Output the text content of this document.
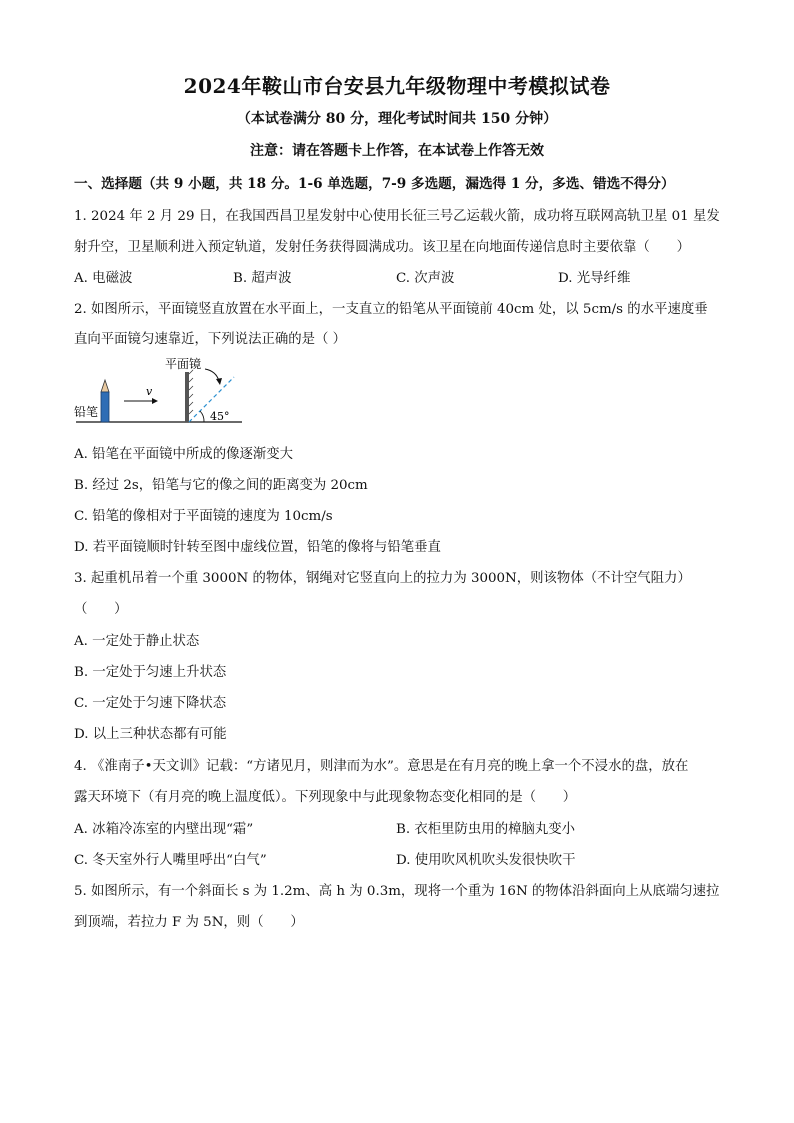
2024年鞍山市台安县九年级物理中考模拟试卷
（本试卷满分 80 分，理化考试时间共 150 分钟）
注意：请在答题卡上作答，在本试卷上作答无效
一、选择题（共 9 小题，共 18 分。1-6 单选题，7-9 多选题，漏选得 1 分，多选、错选不得分）
1. 2024 年 2 月 29 日，在我国西昌卫星发射中心使用长征三号乙运载火箭，成功将互联网高轨卫星 01 星发
射升空，卫星顺利进入预定轨道，发射任务获得圆满成功。该卫星在向地面传递信息时主要依靠（　　）
A. 电磁波	B. 超声波	C. 次声波	D. 光导纤维
2. 如图所示，平面镜竖直放置在水平面上，一支直立的铅笔从平面镜前 40cm 处，以 5cm/s 的水平速度垂
直向平面镜匀速靠近，下列说法正确的是（ ）
铅笔
v
平面镜
45°
A. 铅笔在平面镜中所成的像逐渐变大
B. 经过 2s，铅笔与它的像之间的距离变为 20cm
C. 铅笔的像相对于平面镜的速度为 10cm/s
D. 若平面镜顺时针转至图中虚线位置，铅笔的像将与铅笔垂直
3. 起重机吊着一个重 3000N 的物体，钢绳对它竖直向上的拉力为 3000N，则该物体（不计空气阻力）
（　　）
A. 一定处于静止状态
B. 一定处于匀速上升状态
C. 一定处于匀速下降状态
D. 以上三种状态都有可能
4. 《淮南子•天文训》记载：“方诸见月，则津而为水”。意思是在有月亮的晚上拿一个不浸水的盘，放在
露天环境下（有月亮的晚上温度低）。下列现象中与此现象物态变化相同的是（　　）
A. 冰箱冷冻室的内壁出现“霜”	B. 衣柜里防虫用的樟脑丸变小
C. 冬天室外行人嘴里呼出“白气”	D. 使用吹风机吹头发很快吹干
5. 如图所示，有一个斜面长 s 为 1.2m、高 h 为 0.3m，现将一个重为 16N 的物体沿斜面向上从底端匀速拉
到顶端，若拉力 F 为 5N，则（　　）
